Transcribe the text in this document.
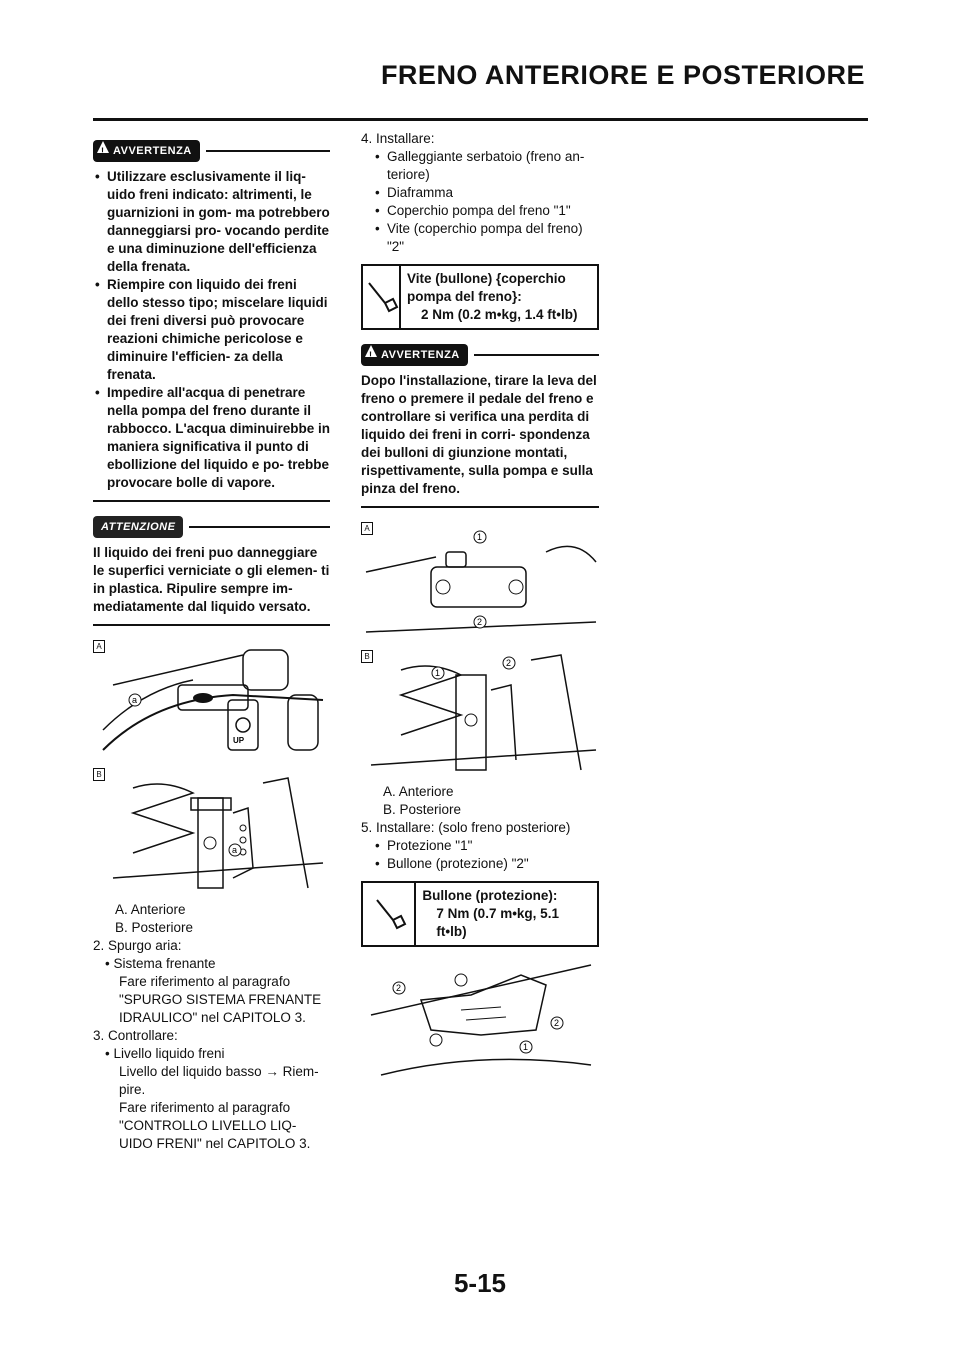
FRENO ANTERIORE E POSTERIORE
!
AVVERTENZA
• Utilizzare esclusivamente il liq- uido freni indicato: altrimenti, le guarnizioni in gom- ma potrebbero danneggiarsi pro- vocando perdite e una diminuzione dell'efficienza della frenata.
• Riempire con liquido dei freni dello stesso tipo; miscelare liquidi dei freni diversi può provocare reazioni chimiche pericolose e diminuire l'efficien- za della frenata.
• Impedire all'acqua di penetrare nella pompa del freno durante il rabbocco. L'acqua diminuirebbe in maniera significativa il punto di ebollizione del liquido e po- trebbe provocare bolle di vapore.
ATTENZIONE
Il liquido dei freni puo danneggiare le superfici verniciate o gli elemen- ti in plastica. Ripulire sempre im- mediatamente dal liquido versato.
A
a
UP
B
a
A. Anteriore
B. Posteriore
2. Spurgo aria:
• Sistema frenante
Fare riferimento al paragrafo "SPURGO SISTEMA FRENANTE IDRAULICO" nel CAPITOLO 3.
3. Controllare:
• Livello liquido freni
Livello del liquido basso → Riem- pire.
Fare riferimento al paragrafo "CONTROLLO LIVELLO LIQ- UIDO FRENI" nel CAPITOLO 3.
4. Installare:
• Galleggiante serbatoio (freno an- teriore)
• Diaframma
• Coperchio pompa del freno "1"
• Vite (coperchio pompa del freno) "2"
Vite (bullone) {coperchio pompa del freno}:
2 Nm (0.2 m•kg, 1.4 ft•lb)
!
AVVERTENZA
Dopo l'installazione, tirare la leva del freno o premere il pedale del freno e controllare si verifica una perdita di liquido dei freni in corri- spondenza dei bulloni di giunzione montati, rispettivamente, sulla pompa e sulla pinza del freno.
A
1
2
B
1
2
A. Anteriore
B. Posteriore
5. Installare: (solo freno posteriore)
• Protezione "1"
• Bullone (protezione) "2"
Bullone (protezione):
7 Nm (0.7 m•kg, 5.1 ft•lb)
2
2
1
5-15
